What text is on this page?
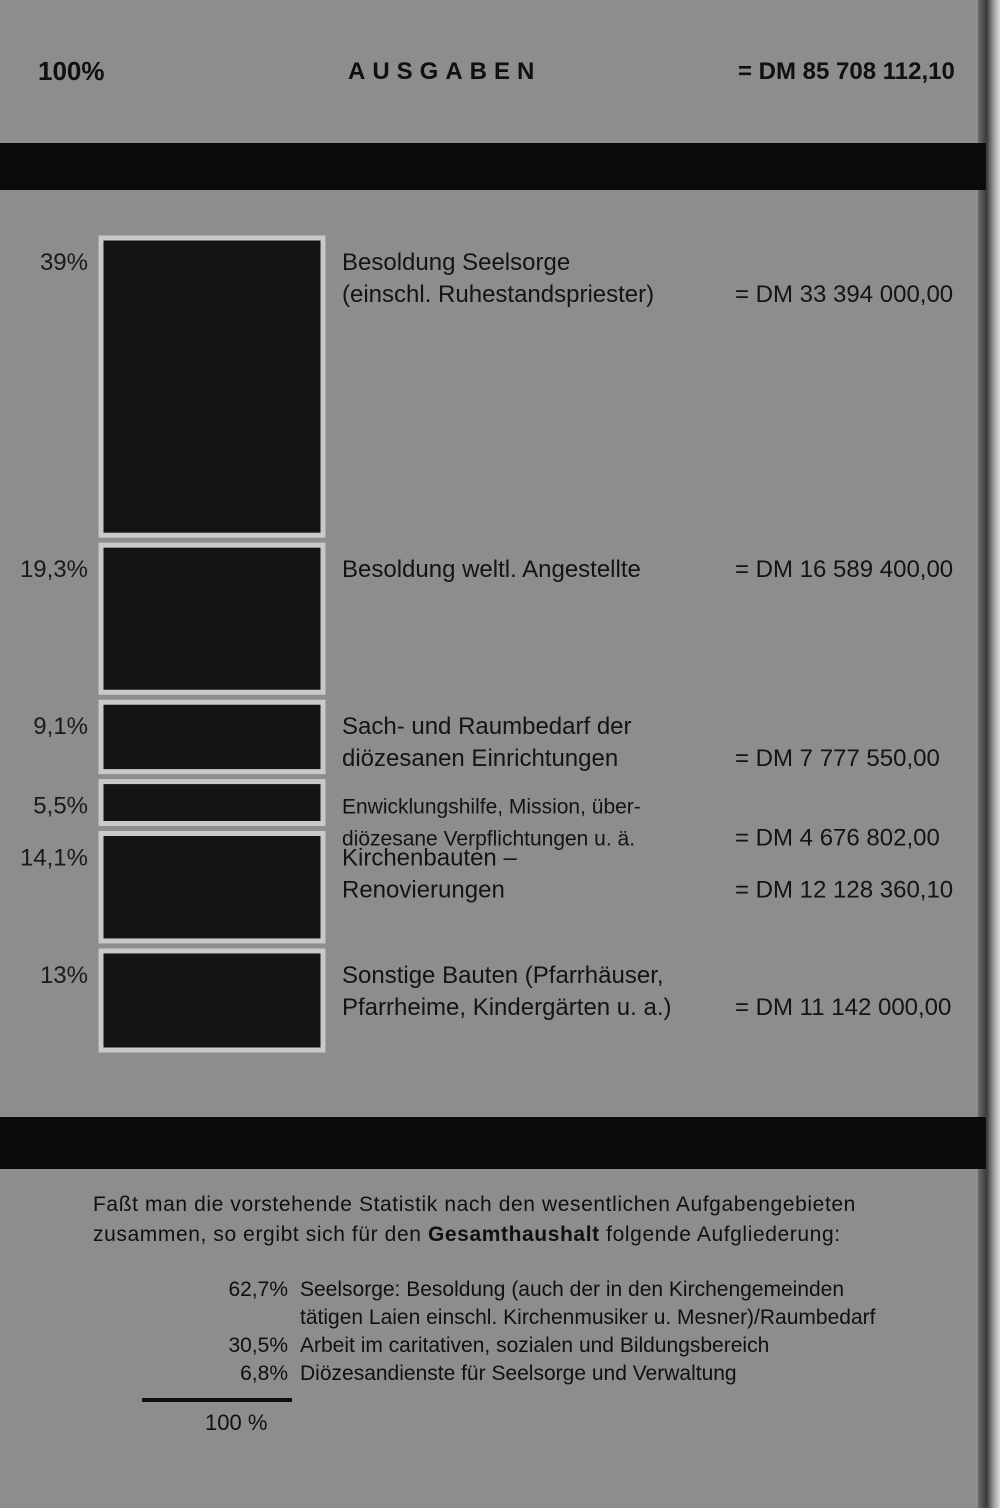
100%	AUSGABEN	= DM 85 708 112,10
39%	Besoldung Seelsorge
(einschl. Ruhestandspriester)	= DM 33 394 000,00
19,3%	Besoldung weltl. Angestellte	= DM 16 589 400,00
9,1%	Sach- und Raumbedarf der
diözesanen Einrichtungen	= DM 7 777 550,00
5,5%	Enwicklungshilfe, Mission, über-
diözesane Verpflichtungen u. ä.	= DM 4 676 802,00
14,1%	Kirchenbauten –
Renovierungen	= DM 12 128 360,10
13%	Sonstige Bauten (Pfarrhäuser,
Pfarrheime, Kindergärten u. a.)	= DM 11 142 000,00
Faßt man die vorstehende Statistik nach den wesentlichen Aufgabengebieten
zusammen, so ergibt sich für den Gesamthaushalt folgende Aufgliederung:
62,7% Seelsorge: Besoldung (auch der in den Kirchengemeinden
tätigen Laien einschl. Kirchenmusiker u. Mesner)/Raumbedarf
30,5% Arbeit im caritativen, sozialen und Bildungsbereich
6,8% Diözesandienste für Seelsorge und Verwaltung
100 %
